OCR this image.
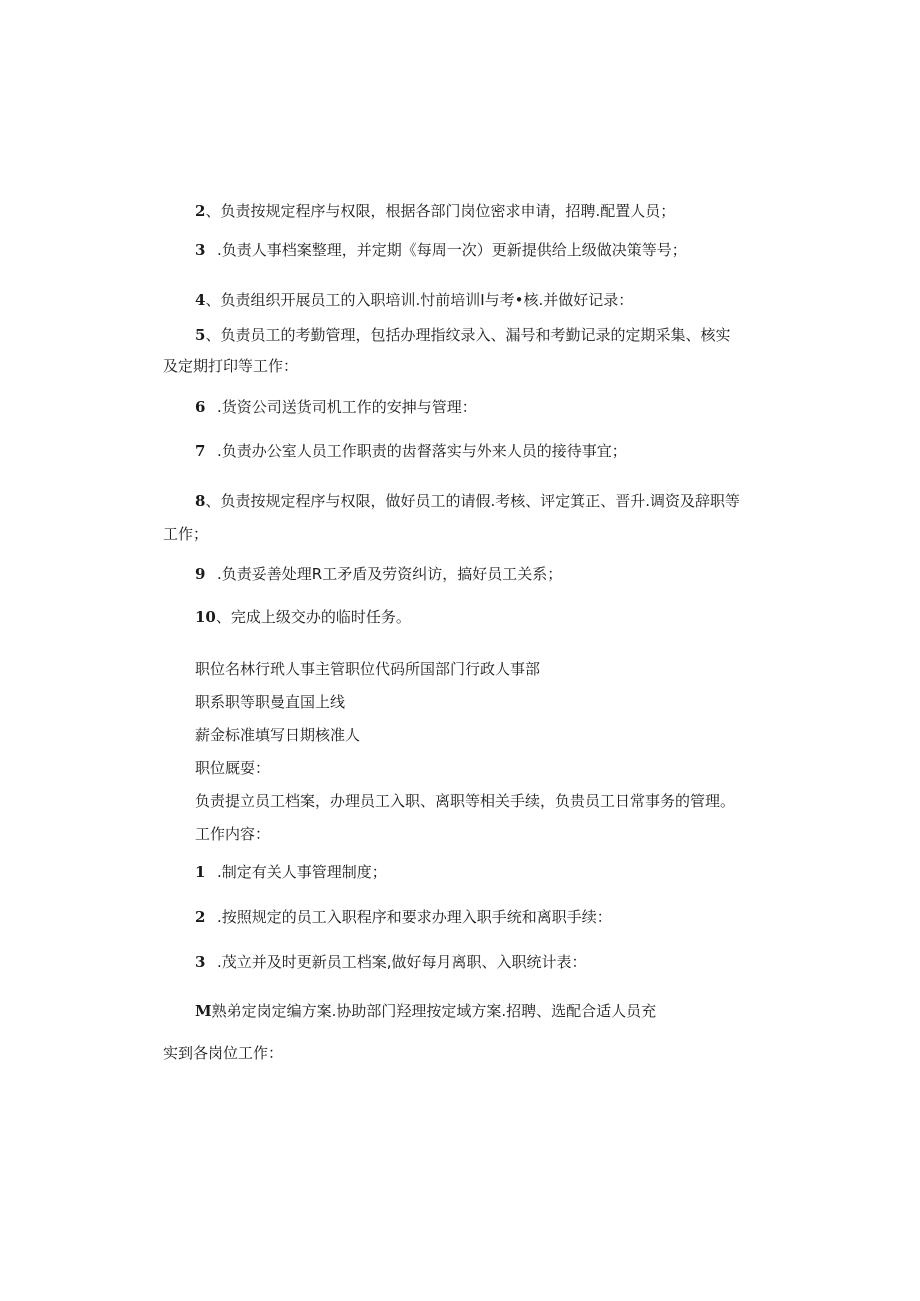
2、负责按规定程序与权限，根据各部门岗位密求申请，招聘.配置人员；
3 .负责人事档案整理，并定期《每周一次）更新提供给上级做决策等号；
4、负责组织开展员工的入职培训.忖前培训I与考•核.并做好记录：
5、负责员工的考勤管理，包括办理指纹录入、漏号和考勤记录的定期采集、核实
及定期打印等工作：
6 .货资公司送货司机工作的安抻与管理：
7 .负责办公室人员工作职责的齿督落实与外来人员的接待事宜；
8、负责按规定程序与权限，做好员工的请假.考核、评定箕正、晋升.调资及辞职等
工作；
9 .负责妥善处理R工矛盾及劳资纠访，搞好员工关系；
10、完成上级交办的临时任务。
职位名林行玳人事主管职位代码所国部门行政人事部
职系职等职曼直国上线
薪金标准填写日期核准人
职位厩耍：
负责提立员工档案，办理员工入职、离职等相关手续，负贵员工日常事务的管理。
工作内容：
1 .制定有关人事管理制度；
2 .按照规定的员工入职程序和要求办理入职手统和离职手续：
3 .茂立并及时更新员工档案,做好每月离职、入职统计表：
M熟弟定岗定编方案.协助部门羟理按定域方案.招聘、选配合适人员充
实到各岗位工作：
